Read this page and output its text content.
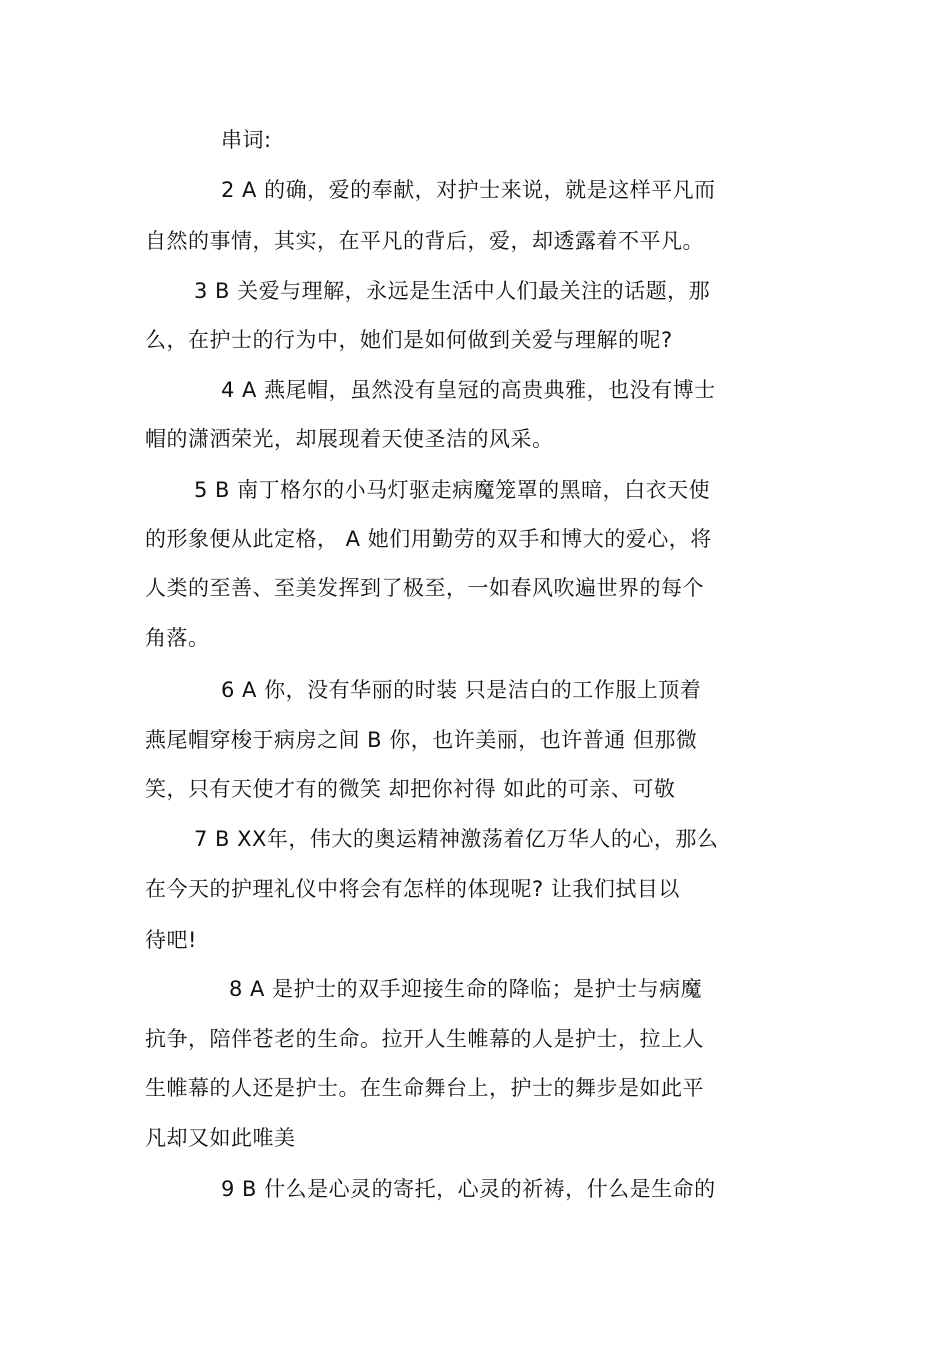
串词:
2 A 的确，爱的奉献，对护士来说，就是这样平凡而
自然的事情，其实，在平凡的背后，爱，却透露着不平凡。
3 B 关爱与理解，永远是生活中人们最关注的话题，那
么，在护士的行为中，她们是如何做到关爱与理解的呢?
4 A 燕尾帽，虽然没有皇冠的高贵典雅，也没有博士
帽的潇洒荣光，却展现着天使圣洁的风采。
5 B 南丁格尔的小马灯驱走病魔笼罩的黑暗，白衣天使
的形象便从此定格， A 她们用勤劳的双手和博大的爱心，将
人类的至善、至美发挥到了极至，一如春风吹遍世界的每个
角落。
6 A 你，没有华丽的时装 只是洁白的工作服上顶着
燕尾帽穿梭于病房之间 B 你，也许美丽，也许普通 但那微
笑，只有天使才有的微笑 却把你衬得 如此的可亲、可敬
7 B XX年，伟大的奥运精神激荡着亿万华人的心，那么
在今天的护理礼仪中将会有怎样的体现呢? 让我们拭目以
待吧!
8 A 是护士的双手迎接生命的降临；是护士与病魔
抗争，陪伴苍老的生命。拉开人生帷幕的人是护士，拉上人
生帷幕的人还是护士。在生命舞台上，护士的舞步是如此平
凡却又如此唯美
9 B 什么是心灵的寄托，心灵的祈祷，什么是生命的
